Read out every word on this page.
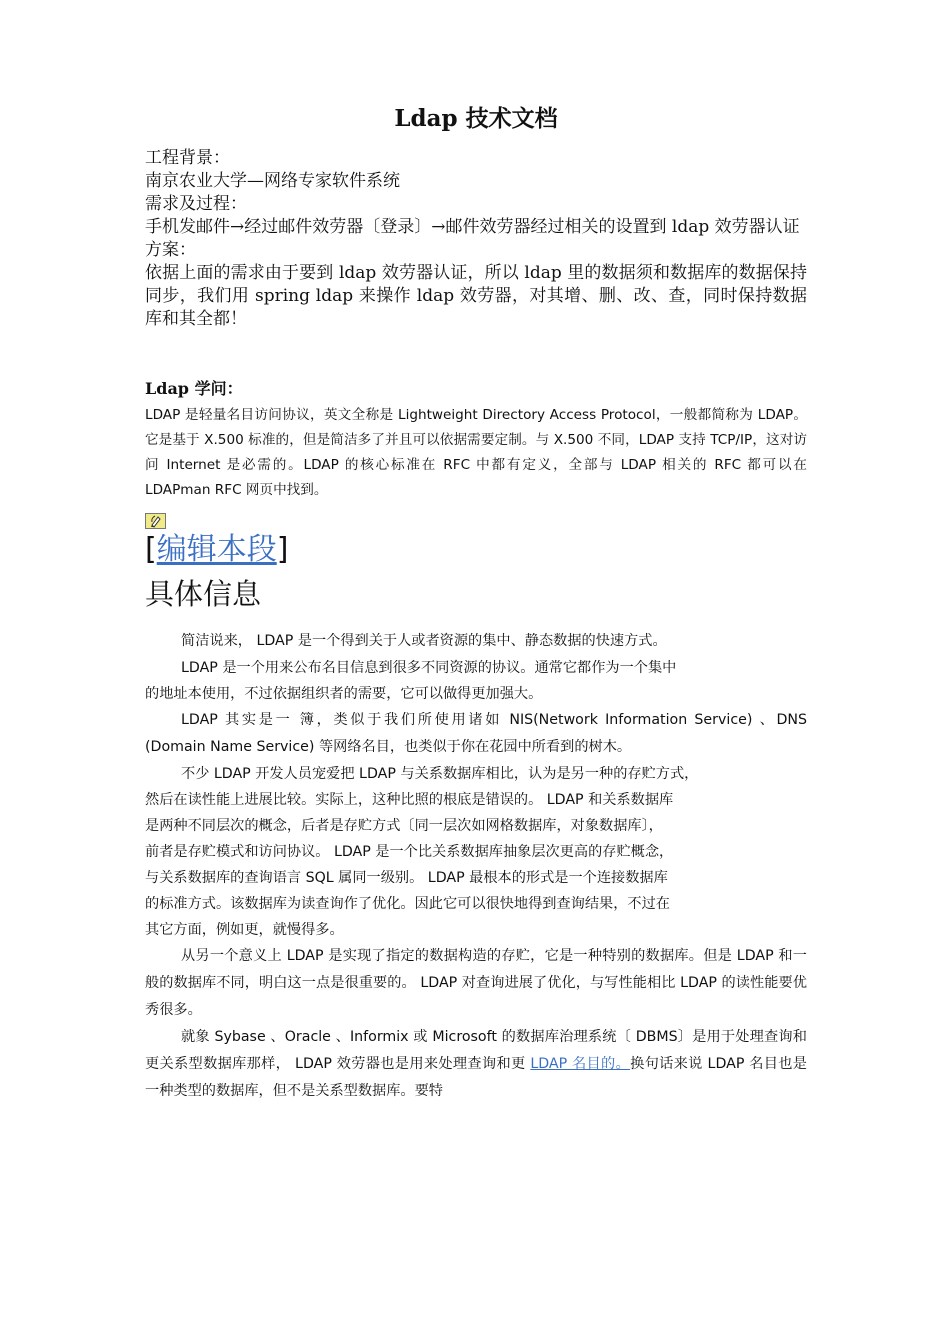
Ldap 技术文档

工程背景：

南京农业大学—网络专家软件系统

需求及过程：

手机发邮件→经过邮件效劳器〔登录〕→邮件效劳器经过相关的设置到 ldap 效劳器认证

方案：

依据上面的需求由于要到 ldap 效劳器认证，所以 ldap 里的数据须和数据库的数据保持同步，我们用 spring ldap 来操作 ldap 效劳器，对其增、删、改、查，同时保持数据库和其全都！

Ldap 学问：

LDAP 是轻量名目访问协议，英文全称是 Lightweight Directory Access Protocol，一般都简称为 LDAP。它是基于 X.500 标准的，但是简洁多了并且可以依据需要定制。与 X.500 不同，LDAP 支持 TCP/IP，这对访问 Internet 是必需的。LDAP 的核心标准在 RFC 中都有定义，全部与 LDAP 相关的 RFC 都可以在 LDAPman RFC 网页中找到。

[编辑本段]
具体信息

简洁说来， LDAP 是一个得到关于人或者资源的集中、静态数据的快速方式。

LDAP 是一个用来公布名目信息到很多不同资源的协议。通常它都作为一个集中

的地址本使用，不过依据组织者的需要，它可以做得更加强大。

LDAP 其实是一 簿，类似于我们所使用诸如 NIS(Network Information Service) 、DNS (Domain Name Service) 等网络名目，也类似于你在花园中所看到的树木。

不少 LDAP 开发人员宠爱把 LDAP 与关系数据库相比，认为是另一种的存贮方式，

然后在读性能上进展比较。实际上，这种比照的根底是错误的。 LDAP 和关系数据库

是两种不同层次的概念，后者是存贮方式〔同一层次如网格数据库，对象数据库〕，

前者是存贮模式和访问协议。 LDAP 是一个比关系数据库抽象层次更高的存贮概念，

与关系数据库的查询语言 SQL 属同一级别。 LDAP 最根本的形式是一个连接数据库

的标准方式。该数据库为读查询作了优化。因此它可以很快地得到查询结果，不过在

其它方面，例如更，就慢得多。

从另一个意义上 LDAP 是实现了指定的数据构造的存贮，它是一种特别的数据库。但是 LDAP 和一般的数据库不同，明白这一点是很重要的。 LDAP 对查询进展了优化，与写性能相比 LDAP 的读性能要优秀很多。

就象 Sybase 、Oracle 、Informix 或 Microsoft 的数据库治理系统〔 DBMS〕是用于处理查询和更关系型数据库那样， LDAP 效劳器也是用来处理查询和更 LDAP 名目的。换句话来说 LDAP 名目也是一种类型的数据库，但不是关系型数据库。要特
